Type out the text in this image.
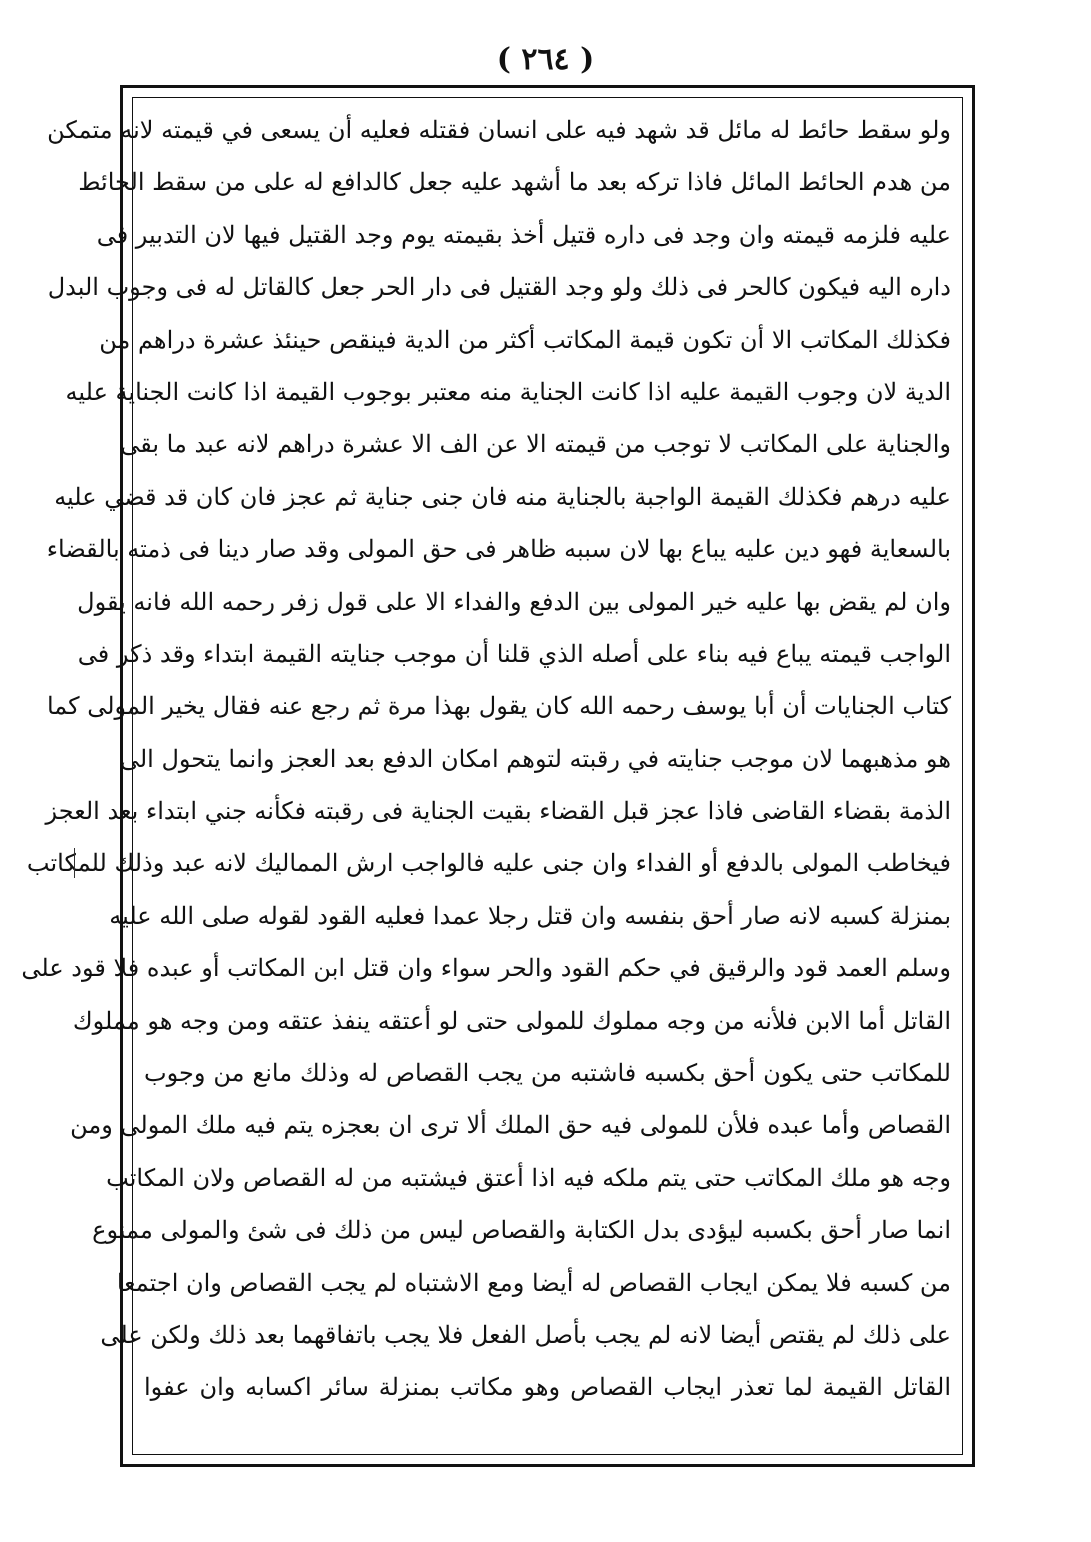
( ٢٦٤ )
ولو سقط حائط له مائل قد شهد فيه على انسان فقتله فعليه أن يسعى في قيمته لانه متمكن
من هدم الحائط المائل فاذا تركه بعد ما أشهد عليه جعل كالدافع له على من سقط الحائط
عليه فلزمه قيمته وان وجد فى داره قتيل أخذ بقيمته يوم وجد القتيل فيها لان التدبير فى
داره اليه فيكون كالحر فى ذلك ولو وجد القتيل فى دار الحر جعل كالقاتل له فى وجوب البدل
فكذلك المكاتب الا أن تكون قيمة المكاتب أكثر من الدية فينقص حينئذ عشرة دراهم من
الدية لان وجوب القيمة عليه اذا كانت الجناية منه معتبر بوجوب القيمة اذا كانت الجناية عليه
والجناية على المكاتب لا توجب من قيمته الا عن الف الا عشرة دراهم لانه عبد ما بقى
عليه درهم فكذلك القيمة الواجبة بالجناية منه فان جنى جناية ثم عجز فان كان قد قضي عليه
بالسعاية فهو دين عليه يباع بها لان سببه ظاهر فى حق المولى وقد صار دينا فى ذمته بالقضاء
وان لم يقض بها عليه خير المولى بين الدفع والفداء الا على قول زفر رحمه الله فانه يقول
الواجب قيمته يباع فيه بناء على أصله الذي قلنا أن موجب جنايته القيمة ابتداء وقد ذكر فى
كتاب الجنايات أن أبا يوسف رحمه الله كان يقول بهذا مرة ثم رجع عنه فقال يخير المولى كما
هو مذهبهما لان موجب جنايته في رقبته لتوهم امكان الدفع بعد العجز وانما يتحول الى
الذمة بقضاء القاضى فاذا عجز قبل القضاء بقيت الجناية فى رقبته فكأنه جني ابتداء بعد العجز
فيخاطب المولى بالدفع أو الفداء وان جنى عليه فالواجب ارش المماليك لانه عبد وذلك للمكاتب
بمنزلة كسبه لانه صار أحق بنفسه وان قتل رجلا عمدا فعليه القود لقوله صلى الله عليه
وسلم العمد قود والرقيق في حكم القود والحر سواء وان قتل ابن المكاتب أو عبده فلا قود على
القاتل أما الابن فلأنه من وجه مملوك للمولى حتى لو أعتقه ينفذ عتقه ومن وجه هو مملوك
للمكاتب حتى يكون أحق بكسبه فاشتبه من يجب القصاص له وذلك مانع من وجوب
القصاص وأما عبده فلأن للمولى فيه حق الملك ألا ترى ان بعجزه يتم فيه ملك المولى ومن
وجه هو ملك المكاتب حتى يتم ملكه فيه اذا أعتق فيشتبه من له القصاص ولان المكاتب
انما صار أحق بكسبه ليؤدى بدل الكتابة والقصاص ليس من ذلك فى شئ والمولى ممنوع
من كسبه فلا يمكن ايجاب القصاص له أيضا ومع الاشتباه لم يجب القصاص وان اجتمعا
على ذلك لم يقتص أيضا لانه لم يجب بأصل الفعل فلا يجب باتفاقهما بعد ذلك ولكن على
القاتل القيمة لما تعذر ايجاب القصاص وهو مكاتب بمنزلة سائر اكسابه وان عفوا
